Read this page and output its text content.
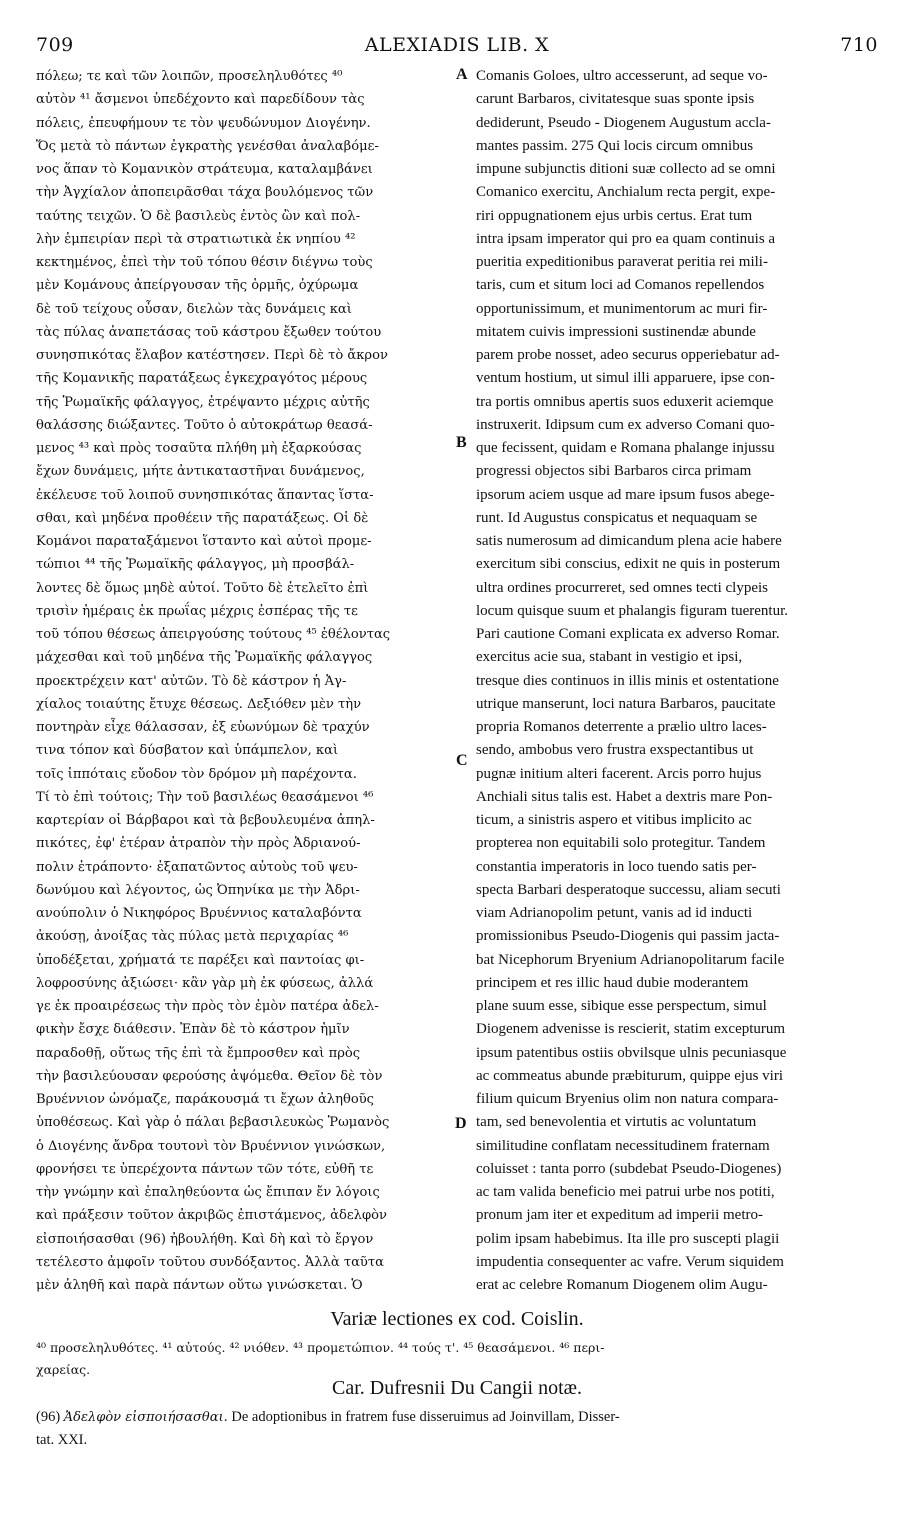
709	ALEXIADIS LIB. X	710
πόλεω; τε καὶ τῶν λοιπῶν, προσεληλυθότες ⁴⁰
αὐτὸν ⁴¹ ἄσμενοι ὑπεδέχοντο καὶ παρεδίδουν τὰς
πόλεις, ἐπευφήμουν τε τὸν ψευδώνυμον Διογένην.
Ὅς μετὰ τὸ πάντων ἐγκρατὴς γενέσθαι ἀναλαβόμε-
νος ἅπαν τὸ Κομανικὸν στράτευμα, καταλαμβάνει
τὴν Ἀγχίαλον ἀποπειρᾶσθαι τάχα βουλόμενος τῶν
ταύτης τειχῶν. Ὁ δὲ βασιλεὺς ἐντὸς ὢν καὶ πολ-
λὴν ἐμπειρίαν περὶ τὰ στρατιωτικὰ ἐκ νηπίου ⁴²
κεκτημένος, ἐπεὶ τὴν τοῦ τόπου θέσιν διέγνω τοὺς
μὲν Κομάνους ἀπείργουσαν τῆς ὁρμῆς, ὀχύρωμα
δὲ τοῦ τείχους οὖσαν, διελὼν τὰς δυνάμεις καὶ
τὰς πύλας ἀναπετάσας τοῦ κάστρου ἔξωθεν τούτου
συνησπικότας ἔλαβον κατέστησεν. Περὶ δὲ τὸ ἄκρον
τῆς Κομανικῆς παρατάξεως ἐγκεχραγότος μέρους
τῆς Ῥωμαϊκῆς φάλαγγος, ἐτρέψαντο μέχρις αὐτῆς
θαλάσσης διώξαντες. Τοῦτο ὁ αὐτοκράτωρ θεασά-
μενος ⁴³ καὶ πρὸς τοσαῦτα πλήθη μὴ ἐξαρκούσας
ἔχων δυνάμεις, μήτε ἀντικαταστῆναι δυνάμενος,
ἐκέλευσε τοῦ λοιποῦ συνησπικότας ἅπαντας ἵστα-
σθαι, καὶ μηδένα προθέειν τῆς παρατάξεως. Οἱ δὲ
Κομάνοι παραταξάμενοι ἵσταντο καὶ αὐτοὶ προμε-
τώπιοι ⁴⁴ τῆς Ῥωμαϊκῆς φάλαγγος, μὴ προσβάλ-
λοντες δὲ ὅμως μηδὲ αὐτοί. Τοῦτο δὲ ἐτελεῖτο ἐπὶ
τρισὶν ἡμέραις ἐκ πρωΐας μέχρις ἑσπέρας τῆς τε
τοῦ τόπου θέσεως ἀπειργούσης τούτους ⁴⁵ ἐθέλοντας
μάχεσθαι καὶ τοῦ μηδένα τῆς Ῥωμαϊκῆς φάλαγγος
προεκτρέχειν κατ' αὐτῶν. Τὸ δὲ κάστρον ἡ Ἀγ-
χίαλος τοιαύτης ἔτυχε θέσεως. Δεξιόθεν μὲν τὴν
ποντηρὰν εἶχε θάλασσαν, ἐξ εὐωνύμων δὲ τραχύν
τινα τόπον καὶ δύσβατον καὶ ὑπάμπελον, καὶ
τοῖς ἱππόταις εὔοδον τὸν δρόμον μὴ παρέχοντα.
Τί τὸ ἐπὶ τούτοις; Τὴν τοῦ βασιλέως θεασάμενοι ⁴⁶
καρτερίαν οἱ Βάρβαροι καὶ τὰ βεβουλευμένα ἀπηλ-
πικότες, ἐφ' ἑτέραν ἀτραπὸν τὴν πρὸς Ἀδριανού-
πολιν ἐτράποντο· ἐξαπατῶντος αὐτοὺς τοῦ ψευ-
δωνύμου καὶ λέγοντος, ὡς Ὀπηνίκα με τὴν Ἀδρι-
ανούπολιν ὁ Νικηφόρος Βρυέννιος καταλαβόντα
ἀκούσῃ, ἀνοίξας τὰς πύλας μετὰ περιχαρίας ⁴⁶
ὑποδέξεται, χρήματά τε παρέξει καὶ παντοίας φι-
λοφροσύνης ἀξιώσει· κἂν γὰρ μὴ ἐκ φύσεως, ἀλλά
γε ἐκ προαιρέσεως τὴν πρὸς τὸν ἐμὸν πατέρα ἀδελ-
φικὴν ἔσχε διάθεσιν. Ἐπὰν δὲ τὸ κάστρον ἡμῖν
παραδοθῇ, οὕτως τῆς ἐπὶ τὰ ἔμπροσθεν καὶ πρὸς
τὴν βασιλεύουσαν φερούσης ἀψόμεθα. Θεῖον δὲ τὸν
Βρυέννιον ὠνόμαζε, παράκουσμά τι ἔχων ἀληθοῦς
ὑποθέσεως. Καὶ γὰρ ὁ πάλαι βεβασιλευκὼς Ῥωμανὸς
ὁ Διογένης ἄνδρα τουτονὶ τὸν Βρυέννιον γινώσκων,
φρονήσει τε ὑπερέχοντα πάντων τῶν τότε, εὐθῆ τε
τὴν γνώμην καὶ ἐπαληθεύοντα ὡς ἔπιπαν ἔν λόγοις
καὶ πράξεσιν τοῦτον ἀκριβῶς ἐπιστάμενος, ἀδελφὸν
εἰσποιήσασθαι (96) ἠβουλήθη. Καὶ δὴ καὶ τὸ ἔργον
τετέλεστο ἀμφοῖν τοῦτου συνδόξαντος. Ἀλλὰ ταῦτα
μὲν ἀληθῆ καὶ παρὰ πάντων οὕτω γινώσκεται. Ὁ
A
B
C
D
Comanis Goloes, ultro accesserunt, ad seque vo-
carunt Barbaros, civitatesque suas sponte ipsis
dediderunt, Pseudo - Diogenem Augustum accla-
mantes passim. 275 Qui locis circum omnibus
impune subjunctis ditioni suæ collecto ad se omni
Comanico exercitu, Anchialum recta pergit, expe-
riri oppugnationem ejus urbis certus. Erat tum
intra ipsam imperator qui pro ea quam continuis a
pueritia expeditionibus paraverat peritia rei mili-
taris, cum et situm loci ad Comanos repellendos
opportunissimum, et munimentorum ac muri fir-
mitatem cuivis impressioni sustinendæ abunde
parem probe nosset, adeo securus opperiebatur ad-
ventum hostium, ut simul illi apparuere, ipse con-
tra portis omnibus apertis suos eduxerit aciemque
instruxerit. Idipsum cum ex adverso Comani quo-
que fecissent, quidam e Romana phalange injussu
progressi objectos sibi Barbaros circa primam
ipsorum aciem usque ad mare ipsum fusos abege-
runt. Id Augustus conspicatus et nequaquam se
satis numerosum ad dimicandum plena acie habere
exercitum sibi conscius, edixit ne quis in posterum
ultra ordines procurreret, sed omnes tecti clypeis
locum quisque suum et phalangis figuram tuerentur.
Pari cautione Comani explicata ex adverso Romar.
exercitus acie sua, stabant in vestigio et ipsi,
tresque dies continuos in illis minis et ostentatione
utrique manserunt, loci natura Barbaros, paucitate
propria Romanos deterrente a prælio ultro laces-
sendo, ambobus vero frustra exspectantibus ut
pugnæ initium alteri facerent. Arcis porro hujus
Anchiali situs talis est. Habet a dextris mare Pon-
ticum, a sinistris aspero et vitibus implicito ac
propterea non equitabili solo protegitur. Tandem
constantia imperatoris in loco tuendo satis per-
specta Barbari desperatoque successu, aliam secuti
viam Adrianopolim petunt, vanis ad id inducti
promissionibus Pseudo-Diogenis qui passim jacta-
bat Nicephorum Bryenium Adrianopolitarum facile
principem et res illic haud dubie moderantem
plane suum esse, sibique esse perspectum, simul
Diogenem advenisse is rescierit, statim excepturum
ipsum patentibus ostiis obvilsque ulnis pecuniasque
ac commeatus abunde præbiturum, quippe ejus viri
filium quicum Bryenius olim non natura compara-
tam, sed benevolentia et virtutis ac voluntatum
similitudine conflatam necessitudinem fraternam
coluisset : tanta porro (subdebat Pseudo-Diogenes)
ac tam valida beneficio mei patrui urbe nos potiti,
pronum jam iter et expeditum ad imperii metro-
polim ipsam habebimus. Ita ille pro suscepti plagii
impudentia consequenter ac vafre. Verum siquidem
erat ac celebre Romanum Diogenem olim Augu-
Variæ lectiones ex cod. Coislin.
⁴⁰ προσεληλυθότες. ⁴¹ αὐτούς. ⁴² νιόθεν. ⁴³ προμετώπιον. ⁴⁴ τούς τ'. ⁴⁵ θεασάμενοι. ⁴⁶ περι-
χαρείας.
Car. Dufresnii Du Cangii notæ.
(96) Ἀδελφὸν εἰσποιήσασθαι. De adoptionibus in fratrem fuse disseruimus ad Joinvillam, Disser-
tat. XXI.
